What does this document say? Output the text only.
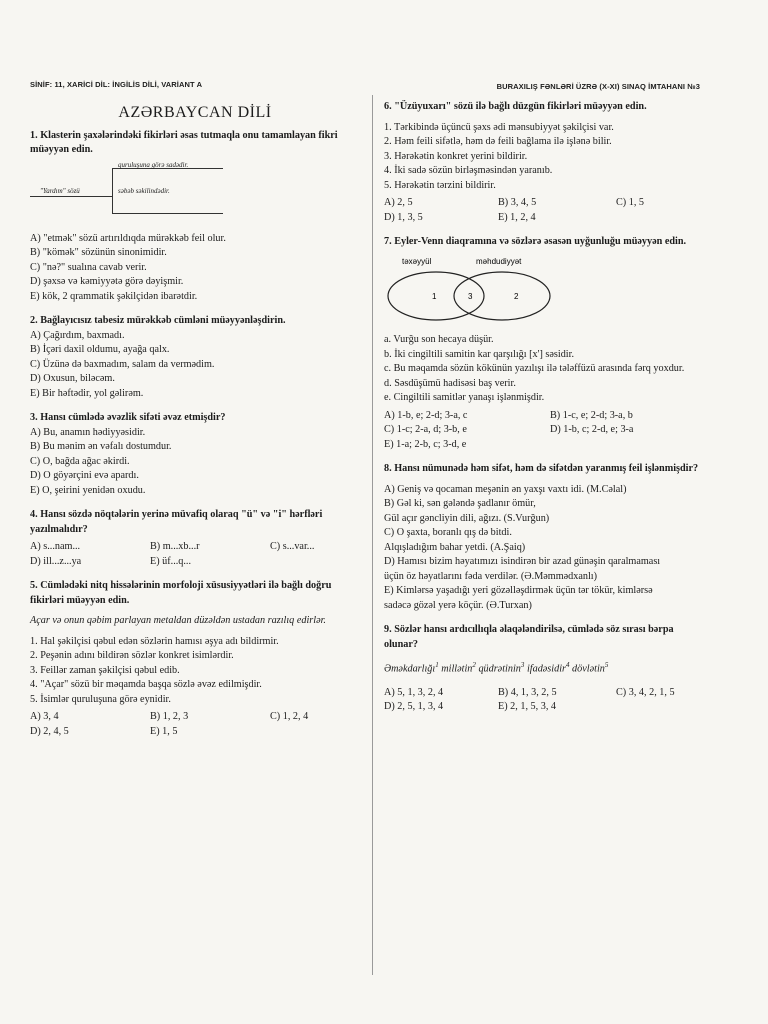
SİNİF: 11, XARİCİ DİL: İNGİLİS DİLİ, VARİANT A	BURAXILIŞ FƏNLƏRİ ÜZRƏ (X-XI) SINAQ İMTAHANI №3
AZƏRBAYCAN DİLİ
1. Klasterin şaxələrindəki fikirləri əsas tutmaqla onu tamamlayan fikri müəyyən edin.
"Yardım" sözü
quruluşuna görə sadədir.
səbəb səkilindədir.
A) "etmək" sözü artırıldıqda mürəkkəb feil olur.
B) "kömək" sözünün sinonimidir.
C) "nə?" sualına cavab verir.
D) şəxsə və kəmiyyətə görə dəyişmir.
E) kök, 2 qrammatik şəkilçidən ibarətdir.
2. Bağlayıcısız tabesiz mürəkkəb cümləni müəyyənləşdirin.
A) Çağırdım, baxmadı.
B) İçəri daxil oldumu, ayağa qalx.
C) Üzünə də baxmadım, salam da vermədim.
D) Oxusun, biləcəm.
E) Bir həftədir, yol gəlirəm.
3. Hansı cümlədə əvəzlik sifəti əvəz etmişdir?
A) Bu, anamın hədiyyəsidir.
B) Bu mənim ən vəfalı dostumdur.
C) O, bağda ağac əkirdi.
D) O göyərçini evə apardı.
E) O, şeirini yenidən oxudu.
4. Hansı sözdə nöqtələrin yerinə müvafiq olaraq "ü" və "i" hərfləri yazılmalıdır?
A) s...nam...	B) m...xb...r	C) s...var...
D) ill...z...ya	E) üf...q...
5. Cümlədəki nitq hissələrinin morfoloji xüsusiyyətləri ilə bağlı doğru fikirləri müəyyən edin.
Açar və onun qəbim parlayan metaldan düzəldən ustadan razılıq edirlər.
1. Hal şəkilçisi qəbul edən sözlərin hamısı əşya adı bildirmir.
2. Peşənin adını bildirən sözlər konkret isimlərdir.
3. Feillər zaman şəkilçisi qəbul edib.
4. "Açar" sözü bir məqamda başqa sözlə əvəz edilmişdir.
5. İsimlər quruluşuna görə eynidir.
A) 3, 4	B) 1, 2, 3	C) 1, 2, 4
D) 2, 4, 5	E) 1, 5
6. "Üzüyuxarı" sözü ilə bağlı düzgün fikirləri müəyyən edin.
1. Tərkibində üçüncü şəxs ədi mənsubiyyət şəkilçisi var.
2. Həm feili sifətlə, həm də feili bağlama ilə işlənə bilir.
3. Hərəkətin konkret yerini bildirir.
4. İki sadə sözün birləşməsindən yaranıb.
5. Hərəkətin tərzini bildirir.
A) 2, 5	B) 3, 4, 5	C) 1, 5
D) 1, 3, 5	E) 1, 2, 4
7. Eyler-Venn diaqramına və sözlərə əsasən uyğunluğu müəyyən edin.
təxəyyül	məhdudiyyət
1	3	2
a. Vurğu son hecaya düşür.
b. İki cingiltili samitin kar qarşılığı [x'] səsidir.
c. Bu məqamda sözün kökünün yazılışı ilə tələffüzü arasında fərq yoxdur.
d. Səsdüşümü hadisəsi baş verir.
e. Cingiltili samitlər yanaşı işlənmişdir.
A) 1-b, e; 2-d; 3-a, c	B) 1-c, e; 2-d; 3-a, b
C) 1-c; 2-a, d; 3-b, e	D) 1-b, c; 2-d, e; 3-a
E) 1-a; 2-b, c; 3-d, e
8. Hansı nümunədə həm sifət, həm də sifətdən yaranmış feil işlənmişdir?
A) Geniş və qocaman meşənin ən yaxşı vaxtı idi. (M.Cəlal)
B) Gəl ki, sən gələndə şadlanır ömür,
Gül açır gəncliyin dili, ağızı. (S.Vurğun)
C) O şaxta, boranlı qış də bitdi.
Alqışladığım bahar yetdi. (A.Şaiq)
D) Hamısı bizim həyatımızı isindirən bir azad günəşin qaralmaması
üçün öz həyatlarını fəda verdilər. (Ə.Məmmədxanlı)
E) Kimlərsə yaşadığı yeri gözəlləşdirmək üçün tər tökür, kimlərsə
sadəcə gözəl yerə köçür. (Ə.Turxan)
9. Sözlər hansı ardıcıllıqla əlaqələndirilsə, cümlədə söz sırası bərpa olunar?
Əməkdarlığı$^1$ millətin$^2$ qüdrətinin$^3$ ifadəsidir$^4$ dövlətin$^5$
A) 5, 1, 3, 2, 4	B) 4, 1, 3, 2, 5	C) 3, 4, 2, 1, 5
D) 2, 5, 1, 3, 4	E) 2, 1, 5, 3, 4
